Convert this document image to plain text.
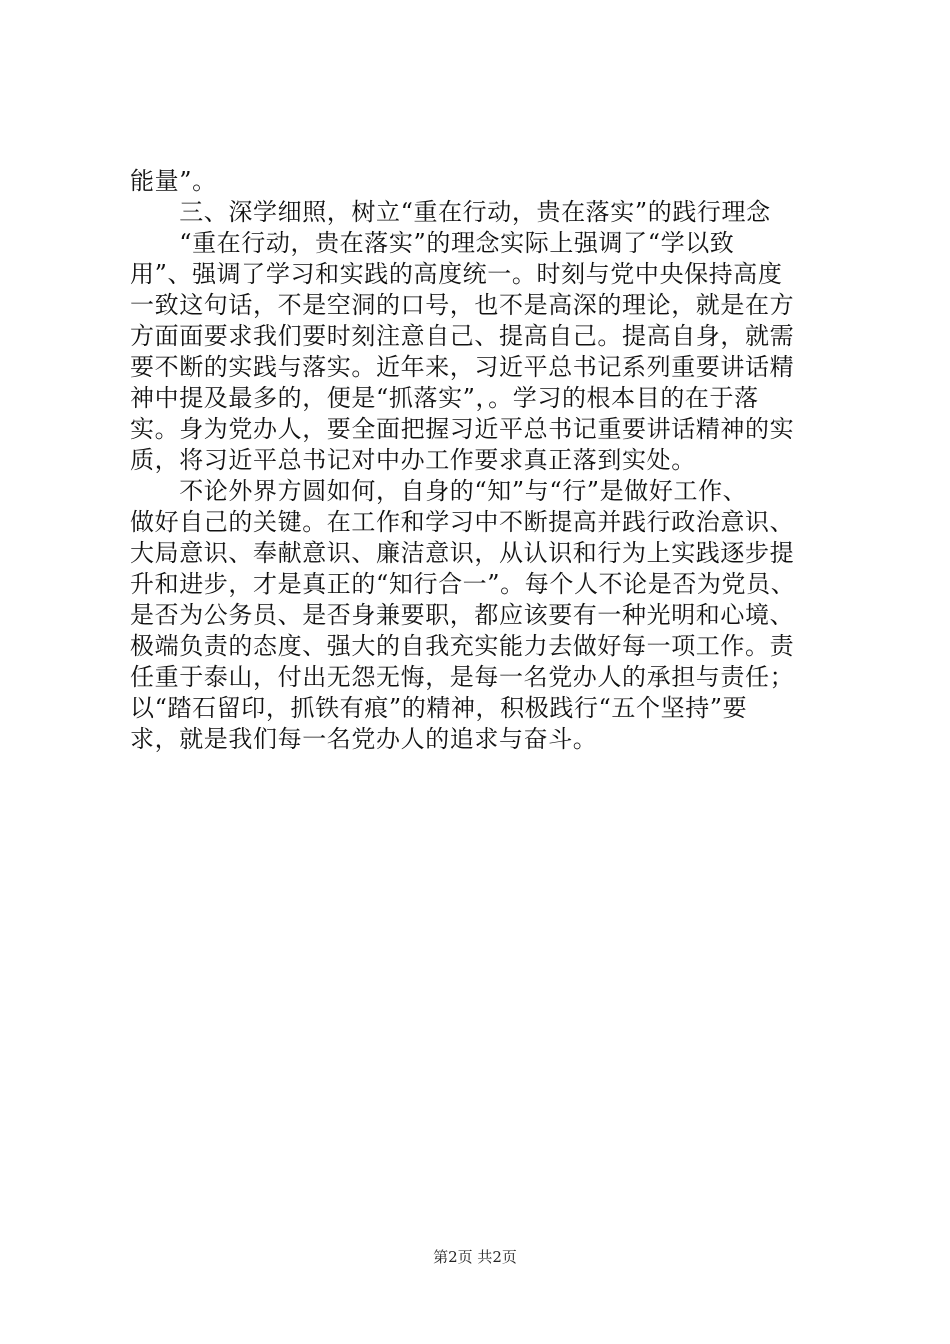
能量”。
　　三、深学细照，树立“重在行动，贵在落实”的践行理念
　　“重在行动，贵在落实”的理念实际上强调了“学以致
用”、强调了学习和实践的高度统一。时刻与党中央保持高度
一致这句话，不是空洞的口号，也不是高深的理论，就是在方
方面面要求我们要时刻注意自己、提高自己。提高自身，就需
要不断的实践与落实。近年来，习近平总书记系列重要讲话精
神中提及最多的，便是“抓落实”，。学习的根本目的在于落
实。身为党办人，要全面把握习近平总书记重要讲话精神的实
质，将习近平总书记对中办工作要求真正落到实处。
　　不论外界方圆如何，自身的“知”与“行”是做好工作、
做好自己的关键。在工作和学习中不断提高并践行政治意识、
大局意识、奉献意识、廉洁意识，从认识和行为上实践逐步提
升和进步，才是真正的“知行合一”。每个人不论是否为党员、
是否为公务员、是否身兼要职，都应该要有一种光明和心境、
极端负责的态度、强大的自我充实能力去做好每一项工作。责
任重于泰山，付出无怨无悔，是每一名党办人的承担与责任；
以“踏石留印，抓铁有痕”的精神，积极践行“五个坚持”要
求，就是我们每一名党办人的追求与奋斗。
第2页 共2页
